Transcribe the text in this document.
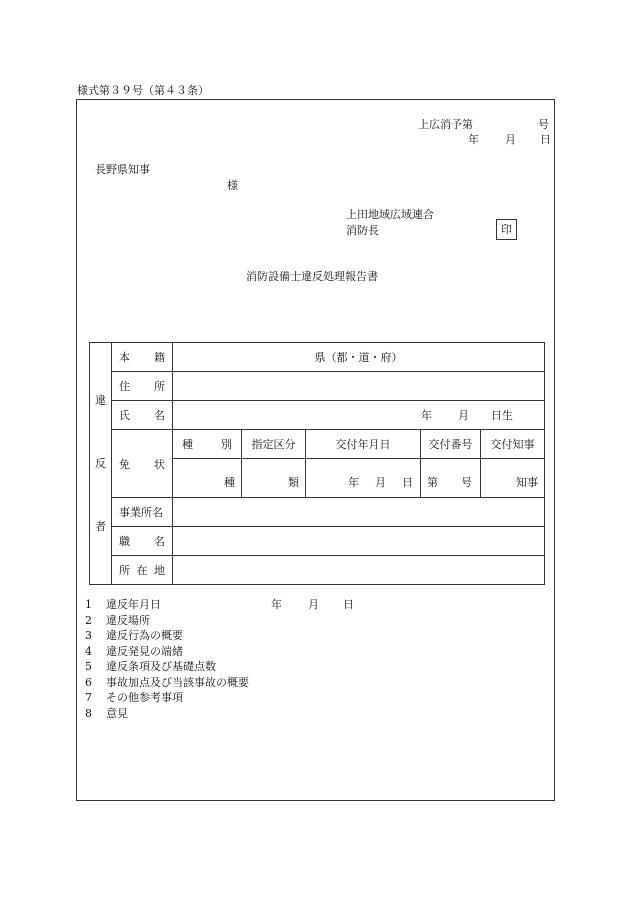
様式第３９号（第４３条）
上広消予第	号
年 月 日
長野県知事
様
上田地域広域連合
消防長	印
消防設備士違反処理報告書
違
反
者	本 籍	県（都・道・府）				

	住 所					

	氏 名	年 月 日生				

	免 状	種 別	指定区分	交付年月日	交付番号	交付知事
		種	類	年 月 日	第 号	知事
	事業所名					

	職 名					

	所 在 地					

1 違反年月日	年 月 日
2 違反場所
3 違反行為の概要
4 違反発見の端緒
5 違反条項及び基礎点数
6 事故加点及び当該事故の概要
7 その他参考事項
8 意見
